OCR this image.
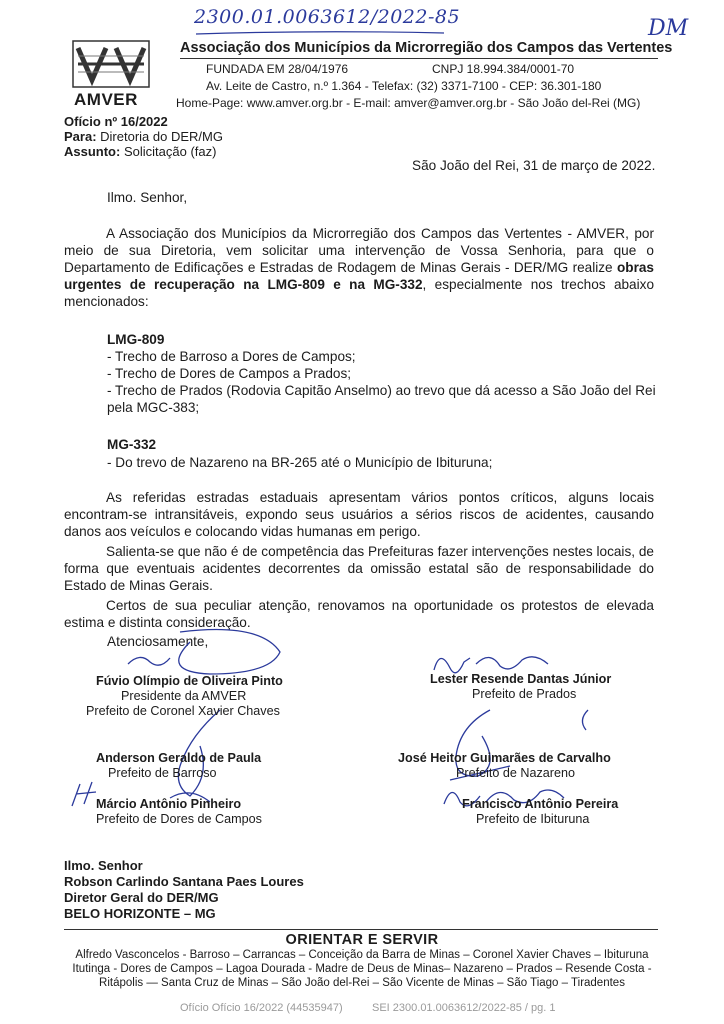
2300.01.0063612/2022-85	DM
AMVER
Associação dos Municípios da Microrregião dos Campos das Vertentes
FUNDADA EM 28/04/1976	CNPJ 18.994.384/0001-70
Av. Leite de Castro, n.º 1.364 - Telefax: (32) 3371-7100 - CEP: 36.301-180
Home-Page: www.amver.org.br - E-mail: amver@amver.org.br - São João del-Rei (MG)
Ofício nº 16/2022
Para: Diretoria do DER/MG
Assunto: Solicitação (faz)
São João del Rei, 31 de março de 2022.
Ilmo. Senhor,
A Associação dos Municípios da Microrregião dos Campos das Vertentes - AMVER, por meio de sua Diretoria, vem solicitar uma intervenção de Vossa Senhoria, para que o Departamento de Edificações e Estradas de Rodagem de Minas Gerais - DER/MG realize obras urgentes de recuperação na LMG-809 e na MG-332, especialmente nos trechos abaixo mencionados:
LMG-809
- Trecho de Barroso a Dores de Campos;
- Trecho de Dores de Campos a Prados;
- Trecho de Prados (Rodovia Capitão Anselmo) ao trevo que dá acesso a São João del Rei
pela MGC-383;
MG-332
- Do trevo de Nazareno na BR-265 até o Município de Ibituruna;
As referidas estradas estaduais apresentam vários pontos críticos, alguns locais encontram-se intransitáveis, expondo seus usuários a sérios riscos de acidentes, causando danos aos veículos e colocando vidas humanas em perigo.
Salienta-se que não é de competência das Prefeituras fazer intervenções nestes locais, de forma que eventuais acidentes decorrentes da omissão estatal são de responsabilidade do Estado de Minas Gerais.
Certos de sua peculiar atenção, renovamos na oportunidade os protestos de elevada estima e distinta consideração.
Atenciosamente,
Fúvio Olímpio de Oliveira Pinto
Presidente da AMVER
Prefeito de Coronel Xavier Chaves
Lester Resende Dantas Júnior
Prefeito de Prados
Anderson Geraldo de Paula
Prefeito de Barroso
José Heitor Guimarães de Carvalho
Prefeito de Nazareno
Márcio Antônio Pinheiro
Prefeito de Dores de Campos
Francisco Antônio Pereira
Prefeito de Ibituruna
Ilmo. Senhor
Robson Carlindo Santana Paes Loures
Diretor Geral do DER/MG
BELO HORIZONTE – MG
ORIENTAR E SERVIR
Alfredo Vasconcelos - Barroso – Carrancas – Conceição da Barra de Minas – Coronel Xavier Chaves – Ibituruna
Itutinga - Dores de Campos – Lagoa Dourada - Madre de Deus de Minas– Nazareno – Prados – Resende Costa -
Ritápolis — Santa Cruz de Minas – São João del-Rei – São Vicente de Minas – São Tiago – Tiradentes
Ofício Ofício 16/2022 (44535947)	SEI 2300.01.0063612/2022-85 / pg. 1
